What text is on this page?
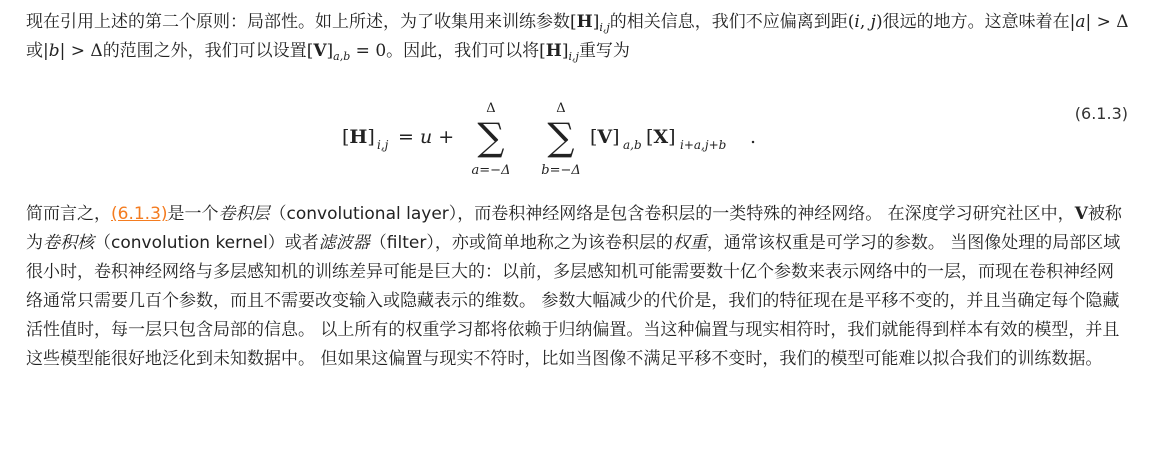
现在引用上述的第二个原则：局部性。如上所述，为了收集用来训练参数$[H]_{i,j}$的相关信息，我们不应偏离到距(i, j)很远的地方。这意味着在|a| > Δ或|b| > Δ的范围之外，我们可以设置$[V]_{a,b} = 0$。因此，我们可以将$[H]_{i,j}$重写为
[H] i,j = u +
Δ
∑
a=−Δ
Δ
∑
b=−Δ
[V] a,b [X] i+a,j+b .
(6.1.3)
简而言之，(6.1.3)是一个卷积层（convolutional layer），而卷积神经网络是包含卷积层的一类特殊的神经网络。 在深度学习研究社区中，V被称为卷积核（convolution kernel）或者滤波器（filter），亦或简单地称之为该卷积层的权重，通常该权重是可学习的参数。 当图像处理的局部区域很小时，卷积神经网络与多层感知机的训练差异可能是巨大的：以前，多层感知机可能需要数十亿个参数来表示网络中的一层，而现在卷积神经网络通常只需要几百个参数，而且不需要改变输入或隐藏表示的维数。 参数大幅减少的代价是，我们的特征现在是平移不变的，并且当确定每个隐藏活性值时，每一层只包含局部的信息。 以上所有的权重学习都将依赖于归纳偏置。当这种偏置与现实相符时，我们就能得到样本有效的模型，并且这些模型能很好地泛化到未知数据中。 但如果这偏置与现实不符时，比如当图像不满足平移不变时，我们的模型可能难以拟合我们的训练数据。
